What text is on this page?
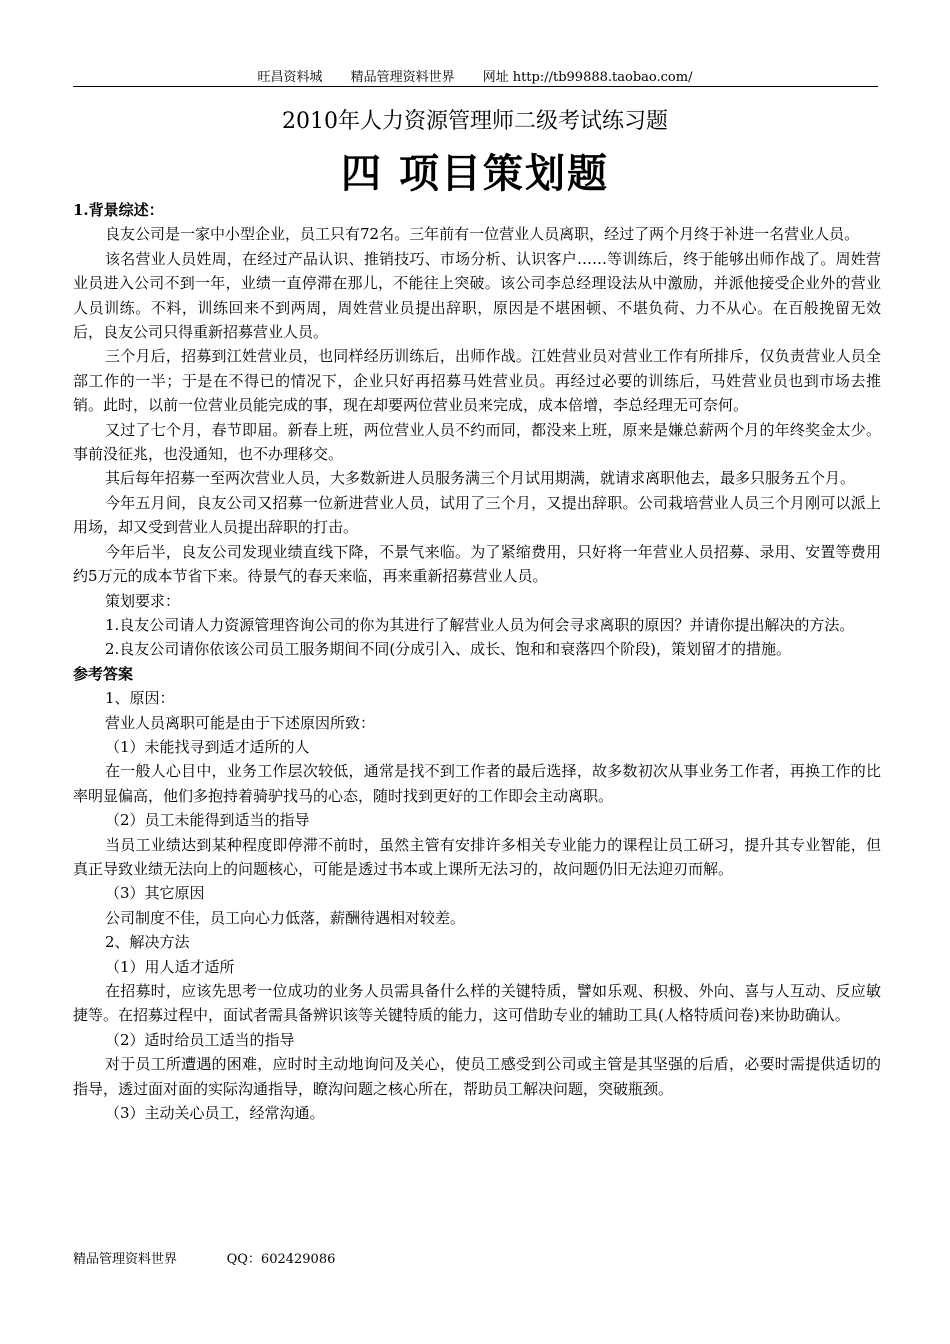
旺昌资料城 精品管理资料世界 网址 http://tb99888.taobao.com/
2010年人力资源管理师二级考试练习题
四 项目策划题

1.背景综述：

良友公司是一家中小型企业，员工只有72名。三年前有一位营业人员离职，经过了两个月终于补进一名营业人员。

该名营业人员姓周，在经过产品认识、推销技巧、市场分析、认识客户……等训练后，终于能够出师作战了。周姓营业员进入公司不到一年，业绩一直停滞在那儿，不能往上突破。该公司李总经理设法从中激励，并派他接受企业外的营业人员训练。不料，训练回来不到两周，周姓营业员提出辞职，原因是不堪困顿、不堪负荷、力不从心。在百般挽留无效后，良友公司只得重新招募营业人员。

三个月后，招募到江姓营业员，也同样经历训练后，出师作战。江姓营业员对营业工作有所排斥，仅负责营业人员全部工作的一半；于是在不得已的情况下，企业只好再招募马姓营业员。再经过必要的训练后，马姓营业员也到市场去推销。此时，以前一位营业员能完成的事，现在却要两位营业员来完成，成本倍增，李总经理无可奈何。

又过了七个月，春节即届。新春上班，两位营业人员不约而同，都没来上班，原来是嫌总薪两个月的年终奖金太少。事前没征兆，也没通知，也不办理移交。

其后每年招募一至两次营业人员，大多数新进人员服务满三个月试用期满，就请求离职他去，最多只服务五个月。

今年五月间，良友公司又招募一位新进营业人员，试用了三个月，又提出辞职。公司栽培营业人员三个月刚可以派上用场，却又受到营业人员提出辞职的打击。

今年后半，良友公司发现业绩直线下降，不景气来临。为了紧缩费用，只好将一年营业人员招募、录用、安置等费用约5万元的成本节省下来。待景气的春天来临，再来重新招募营业人员。

策划要求：

1.良友公司请人力资源管理咨询公司的你为其进行了解营业人员为何会寻求离职的原因？并请你提出解决的方法。

2.良友公司请你依该公司员工服务期间不同(分成引入、成长、饱和和衰落四个阶段)，策划留才的措施。

参考答案

1、原因：

营业人员离职可能是由于下述原因所致：

（1）未能找寻到适才适所的人

在一般人心目中，业务工作层次较低，通常是找不到工作者的最后选择，故多数初次从事业务工作者，再换工作的比率明显偏高，他们多抱持着骑驴找马的心态，随时找到更好的工作即会主动离职。

（2）员工未能得到适当的指导

当员工业绩达到某种程度即停滞不前时，虽然主管有安排许多相关专业能力的课程让员工研习，提升其专业智能，但真正导致业绩无法向上的问题核心，可能是透过书本或上课所无法习的，故问题仍旧无法迎刃而解。

（3）其它原因

公司制度不佳，员工向心力低落，薪酬待遇相对较差。

2、解决方法

（1）用人适才适所

在招募时，应该先思考一位成功的业务人员需具备什么样的关键特质，譬如乐观、积极、外向、喜与人互动、反应敏捷等。在招募过程中，面试者需具备辨识该等关键特质的能力，这可借助专业的辅助工具(人格特质问卷)来协助确认。

（2）适时给员工适当的指导

对于员工所遭遇的困难，应时时主动地询问及关心，使员工感受到公司或主管是其坚强的后盾，必要时需提供适切的指导，透过面对面的实际沟通指导，瞭沟问题之核心所在，帮助员工解决问题，突破瓶颈。

（3）主动关心员工，经常沟通。

精品管理资料世界	QQ：602429086
